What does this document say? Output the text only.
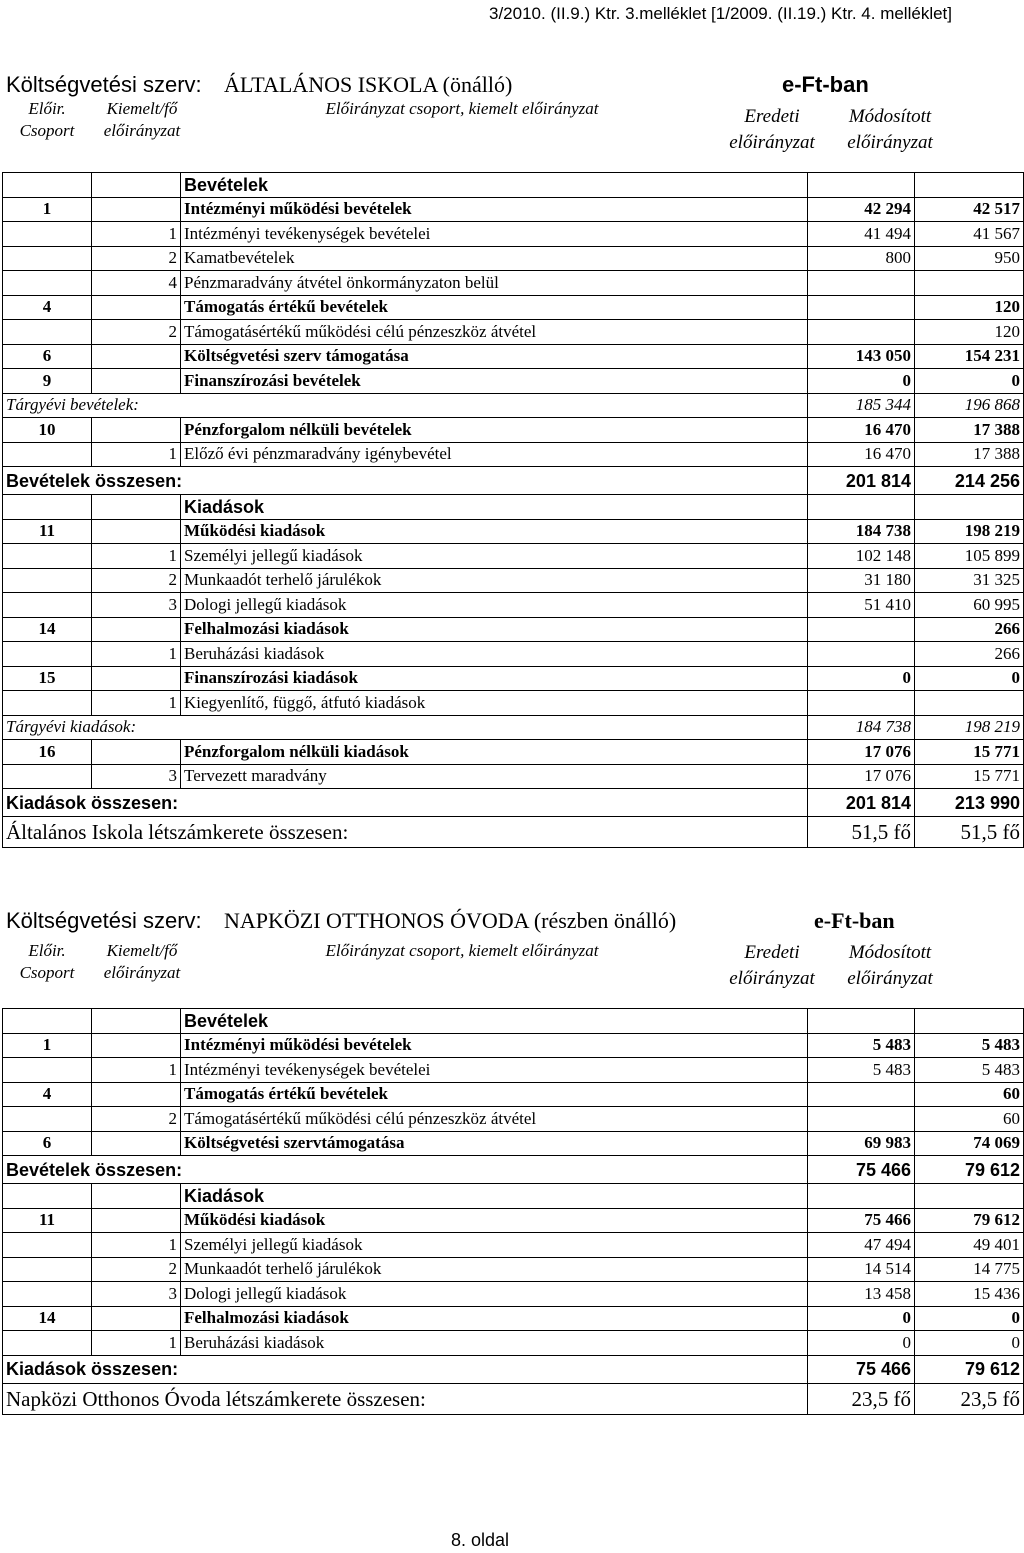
3/2010. (II.9.) Ktr. 3.melléklet [1/2009. (II.19.) Ktr. 4. melléklet]
Költségvetési szerv: ÁLTALÁNOS ISKOLA (önálló)	e-Ft-ban
Előir.
Csoport
Kiemelt/fő
előirányzat
Előirányzat csoport, kiemelt előirányzat	Eredeti
előirányzat
Módosított
előirányzat
		Bevételek		
1		Intézményi működési bevételek	42 294	42 517
	1	Intézményi tevékenységek bevételei	41 494	41 567
	2	Kamatbevételek	800	950
	4	Pénzmaradvány átvétel önkormányzaton belül		
4		Támogatás értékű bevételek		120
	2	Támogatásértékű működési célú pénzeszköz átvétel		120
6		Költségvetési szerv támogatása	143 050	154 231
9		Finanszírozási bevételek	0	0
Tárgyévi bevételek:			185 344	196 868
10		Pénzforgalom nélküli bevételek	16 470	17 388
	1	Előző évi pénzmaradvány igénybevétel	16 470	17 388
Bevételek összesen:			201 814	214 256
		Kiadások		
11		Működési kiadások	184 738	198 219
	1	Személyi jellegű kiadások	102 148	105 899
	2	Munkaadót terhelő járulékok	31 180	31 325
	3	Dologi jellegű kiadások	51 410	60 995
14		Felhalmozási kiadások		266
	1	Beruházási kiadások		266
15		Finanszírozási kiadások	0	0
	1	Kiegyenlítő, függő, átfutó kiadások		
Tárgyévi kiadások:			184 738	198 219
16		Pénzforgalom nélküli kiadások	17 076	15 771
	3	Tervezett maradvány	17 076	15 771
Kiadások összesen:			201 814	213 990
Általános Iskola létszámkerete összesen:			51,5 fő	51,5 fő
Költségvetési szerv: NAPKÖZI OTTHONOS ÓVODA (részben önálló)	e-Ft-ban
Előir.
Csoport
Kiemelt/fő
előirányzat
Előirányzat csoport, kiemelt előirányzat	Eredeti
előirányzat
Módosított
előirányzat
		Bevételek		
1		Intézményi működési bevételek	5 483	5 483
	1	Intézményi tevékenységek bevételei	5 483	5 483
4		Támogatás értékű bevételek		60
	2	Támogatásértékű működési célú pénzeszköz átvétel		60
6		Költségvetési szervtámogatása	69 983	74 069
Bevételek összesen:			75 466	79 612
		Kiadások		
11		Működési kiadások	75 466	79 612
	1	Személyi jellegű kiadások	47 494	49 401
	2	Munkaadót terhelő járulékok	14 514	14 775
	3	Dologi jellegű kiadások	13 458	15 436
14		Felhalmozási kiadások	0	0
	1	Beruházási kiadások	0	0
Kiadások összesen:			75 466	79 612
Napközi Otthonos Óvoda létszámkerete összesen:			23,5 fő	23,5 fő
8. oldal
